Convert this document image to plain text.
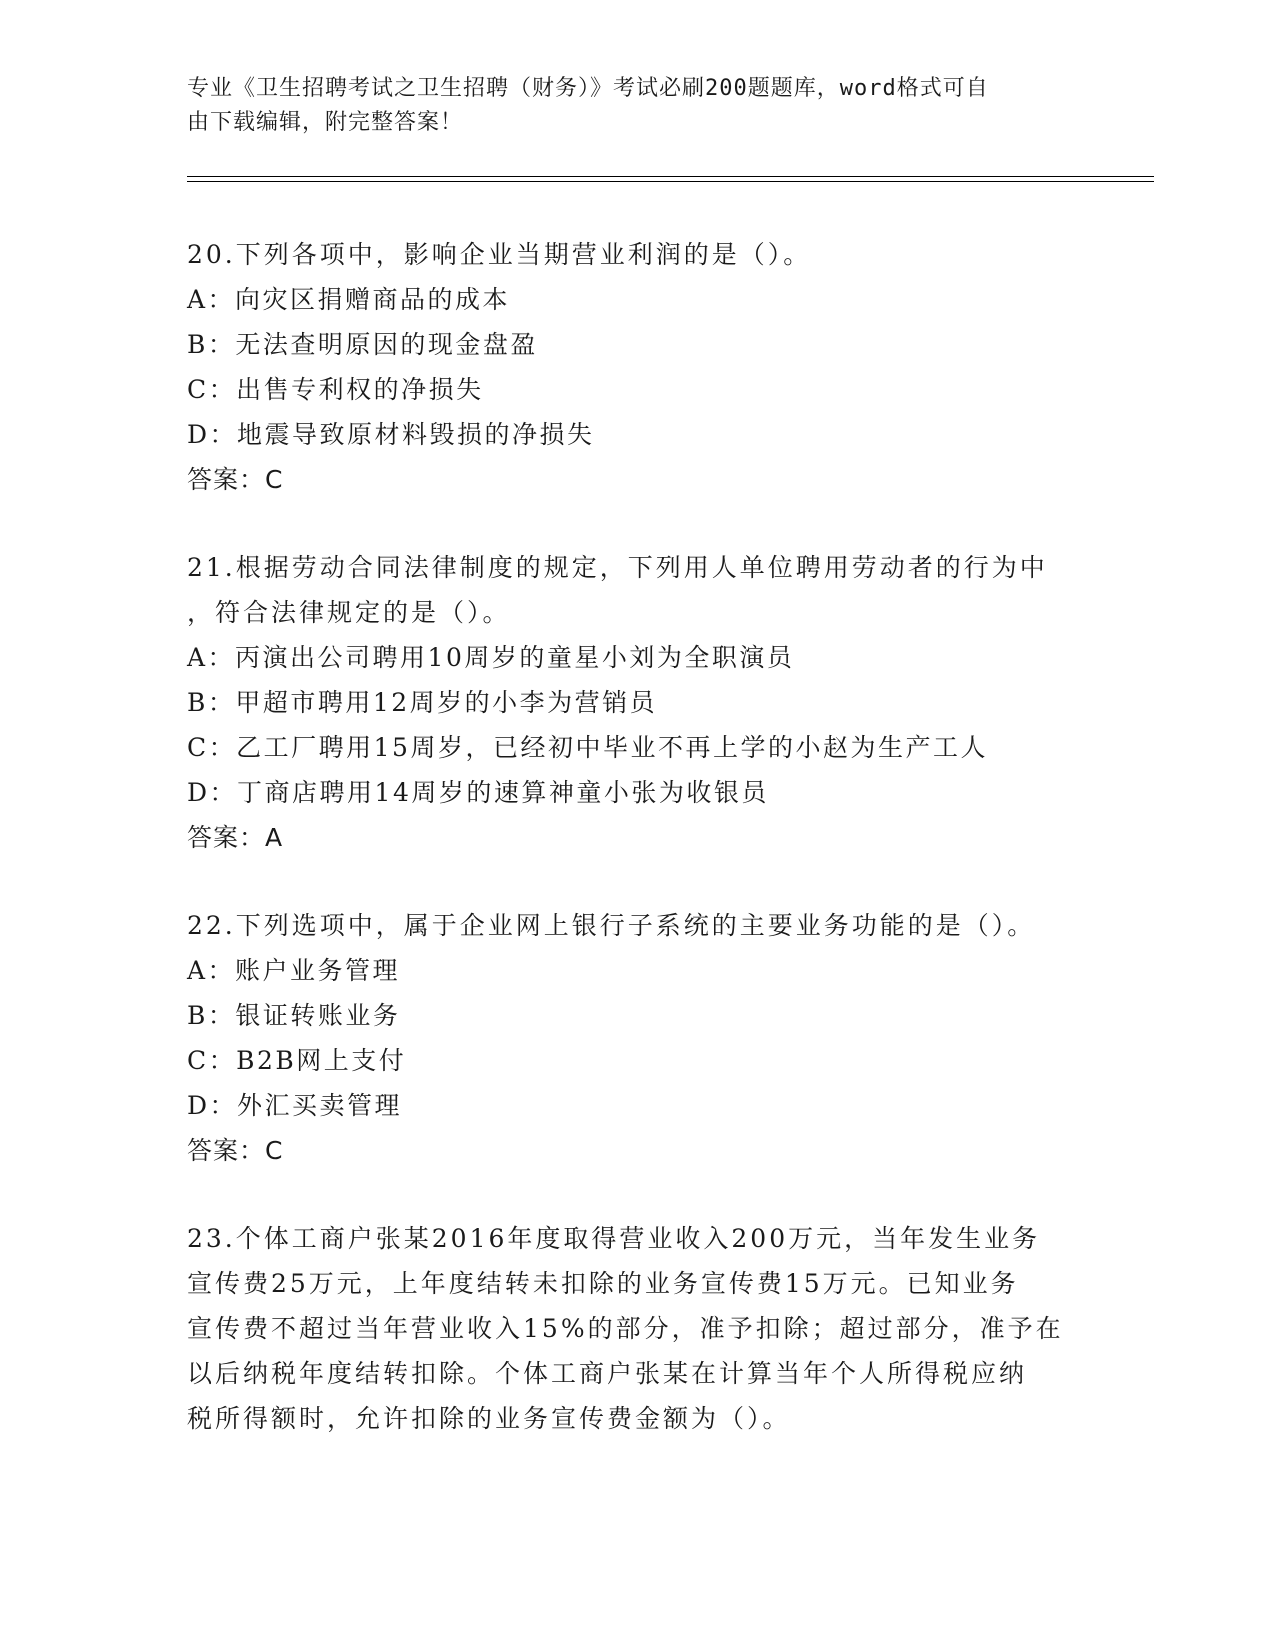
专业《卫生招聘考试之卫生招聘（财务）》考试必刷200题题库，word格式可自
由下载编辑，附完整答案！
20.下列各项中，影响企业当期营业利润的是（）。
A：向灾区捐赠商品的成本
B：无法查明原因的现金盘盈
C：出售专利权的净损失
D：地震导致原材料毁损的净损失
答案：C
21.根据劳动合同法律制度的规定，下列用人单位聘用劳动者的行为中
，符合法律规定的是（）。
A：丙演出公司聘用10周岁的童星小刘为全职演员
B：甲超市聘用12周岁的小李为营销员
C：乙工厂聘用15周岁，已经初中毕业不再上学的小赵为生产工人
D：丁商店聘用14周岁的速算神童小张为收银员
答案：A
22.下列选项中，属于企业网上银行子系统的主要业务功能的是（）。
A：账户业务管理
B：银证转账业务
C：B2B网上支付
D：外汇买卖管理
答案：C
23.个体工商户张某2016年度取得营业收入200万元，当年发生业务
宣传费25万元，上年度结转未扣除的业务宣传费15万元。已知业务
宣传费不超过当年营业收入15%的部分，准予扣除；超过部分，准予在
以后纳税年度结转扣除。个体工商户张某在计算当年个人所得税应纳
税所得额时，允许扣除的业务宣传费金额为（）。
